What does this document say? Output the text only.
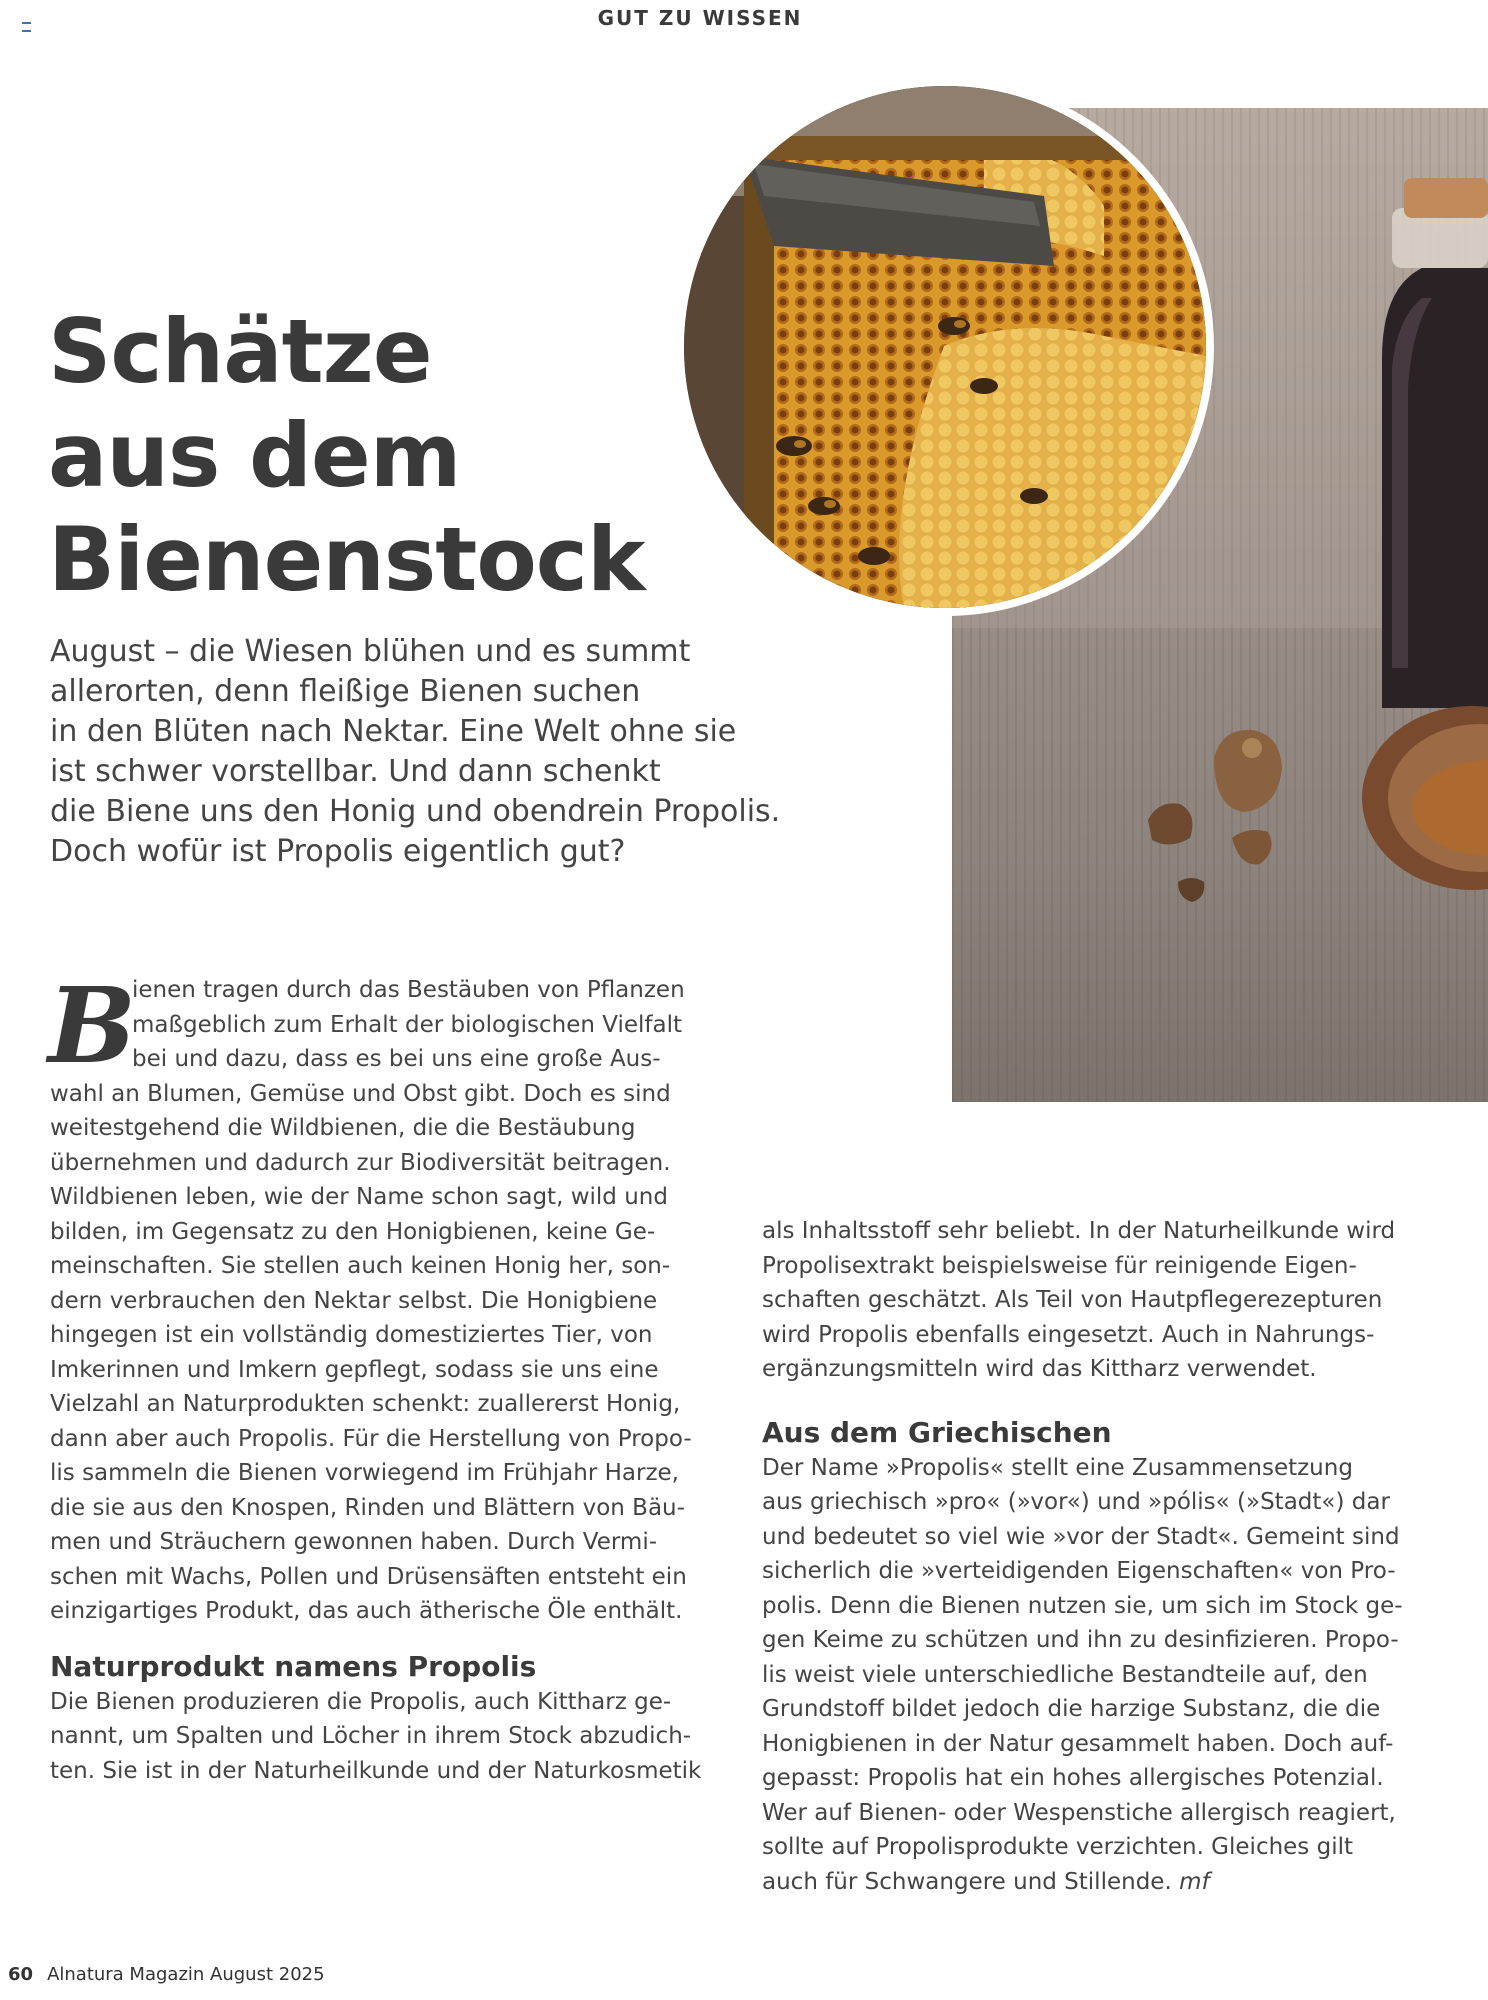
GUT ZU WISSEN
Schätze
aus dem
Bienenstock

August – die Wiesen blühen und es summt
allerorten, denn fleißige Bienen suchen
in den Blüten nach Nektar. Eine Welt ohne sie
ist schwer vorstellbar. Und dann schenkt
die Biene uns den Honig und obendrein Propolis.
Doch wofür ist Propolis eigentlich gut?

B
ienen tragen durch das Bestäuben von Pflanzen
maßgeblich zum Erhalt der biologischen Vielfalt
bei und dazu, dass es bei uns eine große Aus-
wahl an Blumen, Gemüse und Obst gibt. Doch es sind
weitestgehend die Wildbienen, die die Bestäubung
übernehmen und dadurch zur Biodiversität beitragen.
Wildbienen leben, wie der Name schon sagt, wild und
bilden, im Gegensatz zu den Honigbienen, keine Ge-
meinschaften. Sie stellen auch keinen Honig her, son-
dern verbrauchen den Nektar selbst. Die Honigbiene
hingegen ist ein vollständig domestiziertes Tier, von
Imkerinnen und Imkern gepflegt, sodass sie uns eine
Vielzahl an Naturprodukten schenkt: zuallererst Honig,
dann aber auch Propolis. Für die Herstellung von Propo-
lis sammeln die Bienen vorwiegend im Frühjahr Harze,
die sie aus den Knospen, Rinden und Blättern von Bäu-
men und Sträuchern gewonnen haben. Durch Vermi-
schen mit Wachs, Pollen und Drüsensäften entsteht ein
einzigartiges Produkt, das auch ätherische Öle enthält.
Naturprodukt namens Propolis
Die Bienen produzieren die Propolis, auch Kittharz ge-
nannt, um Spalten und Löcher in ihrem Stock abzudich-
ten. Sie ist in der Naturheilkunde und der Naturkosmetik
als Inhaltsstoff sehr beliebt. In der Naturheilkunde wird
Propolisextrakt beispielsweise für reinigende Eigen-
schaften geschätzt. Als Teil von Hautpflegerezepturen
wird Propolis ebenfalls eingesetzt. Auch in Nahrungs-
ergänzungsmitteln wird das Kittharz verwendet.
Aus dem Griechischen
Der Name »Propolis« stellt eine Zusammensetzung
aus griechisch »pro« (»vor«) und »pólis« (»Stadt«) dar
und bedeutet so viel wie »vor der Stadt«. Gemeint sind
sicherlich die »verteidigenden Eigenschaften« von Pro-
polis. Denn die Bienen nutzen sie, um sich im Stock ge-
gen Keime zu schützen und ihn zu desinfizieren. Propo-
lis weist viele unterschiedliche Bestandteile auf, den
Grundstoff bildet jedoch die harzige Substanz, die die
Honigbienen in der Natur gesammelt haben. Doch auf-
gepasst: Propolis hat ein hohes allergisches Potenzial.
Wer auf Bienen- oder Wespenstiche allergisch reagiert,
sollte auf Propolisprodukte verzichten. Gleiches gilt
auch für Schwangere und Stillende. mf
60 Alnatura Magazin August 2025
